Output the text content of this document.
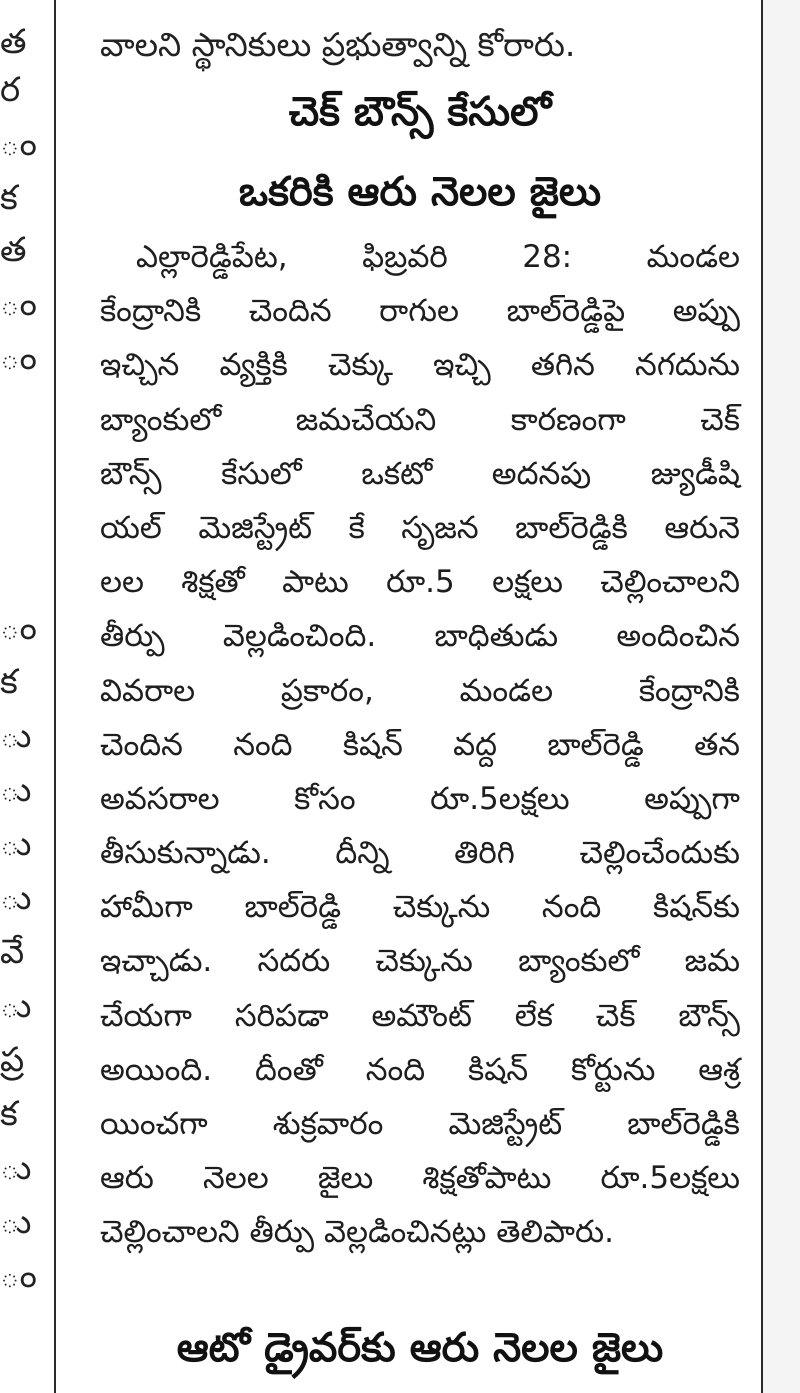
త
ర
ం
క
త
ం
ం
ం
క
ు
ు
ు
ు
వే
ు
ప్ర
క
ు
ు
ం
వాలని స్థానికులు ప్రభుత్వాన్ని కోరారు.
చెక్ బౌన్స్ కేసులో
ఒకరికి ఆరు నెలల జైలు
ఎల్లారెడ్డిపేట, ఫిబ్రవరి 28: మండల
కేంద్రానికి చెందిన రాగుల బాల్‌రెడ్డిపై అప్పు
ఇచ్చిన వ్యక్తికి చెక్కు ఇచ్చి తగిన నగదును
బ్యాంకులో జమచేయని కారణంగా చెక్
బౌన్స్ కేసులో ఒకటో అదనపు జ్యుడీషి
యల్ మెజిస్ట్రేట్ కే సృజన బాల్‌రెడ్డికి ఆరునె
లల శిక్షతో పాటు రూ.5 లక్షలు చెల్లించాలని
తీర్పు వెల్లడించింది. బాధితుడు అందించిన
వివరాల ప్రకారం, మండల కేంద్రానికి
చెందిన నంది కిషన్ వద్ద బాల్‌రెడ్డి తన
అవసరాల కోసం రూ.5లక్షలు అప్పుగా
తీసుకున్నాడు. దీన్ని తిరిగి చెల్లించేందుకు
హామీగా బాల్‌రెడ్డి చెక్కును నంది కిషన్‌కు
ఇచ్చాడు. సదరు చెక్కును బ్యాంకులో జమ
చేయగా సరిపడా అమౌంట్ లేక చెక్ బౌన్స్
అయింది. దీంతో నంది కిషన్ కోర్టును ఆశ్ర
యించగా శుక్రవారం మెజిస్ట్రేట్ బాల్‌రెడ్డికి
ఆరు నెలల జైలు శిక్షతోపాటు రూ.5లక్షలు
చెల్లించాలని తీర్పు వెల్లడించినట్లు తెలిపారు.
ఆటో డ్రైవర్‌కు ఆరు నెలల జైలు
